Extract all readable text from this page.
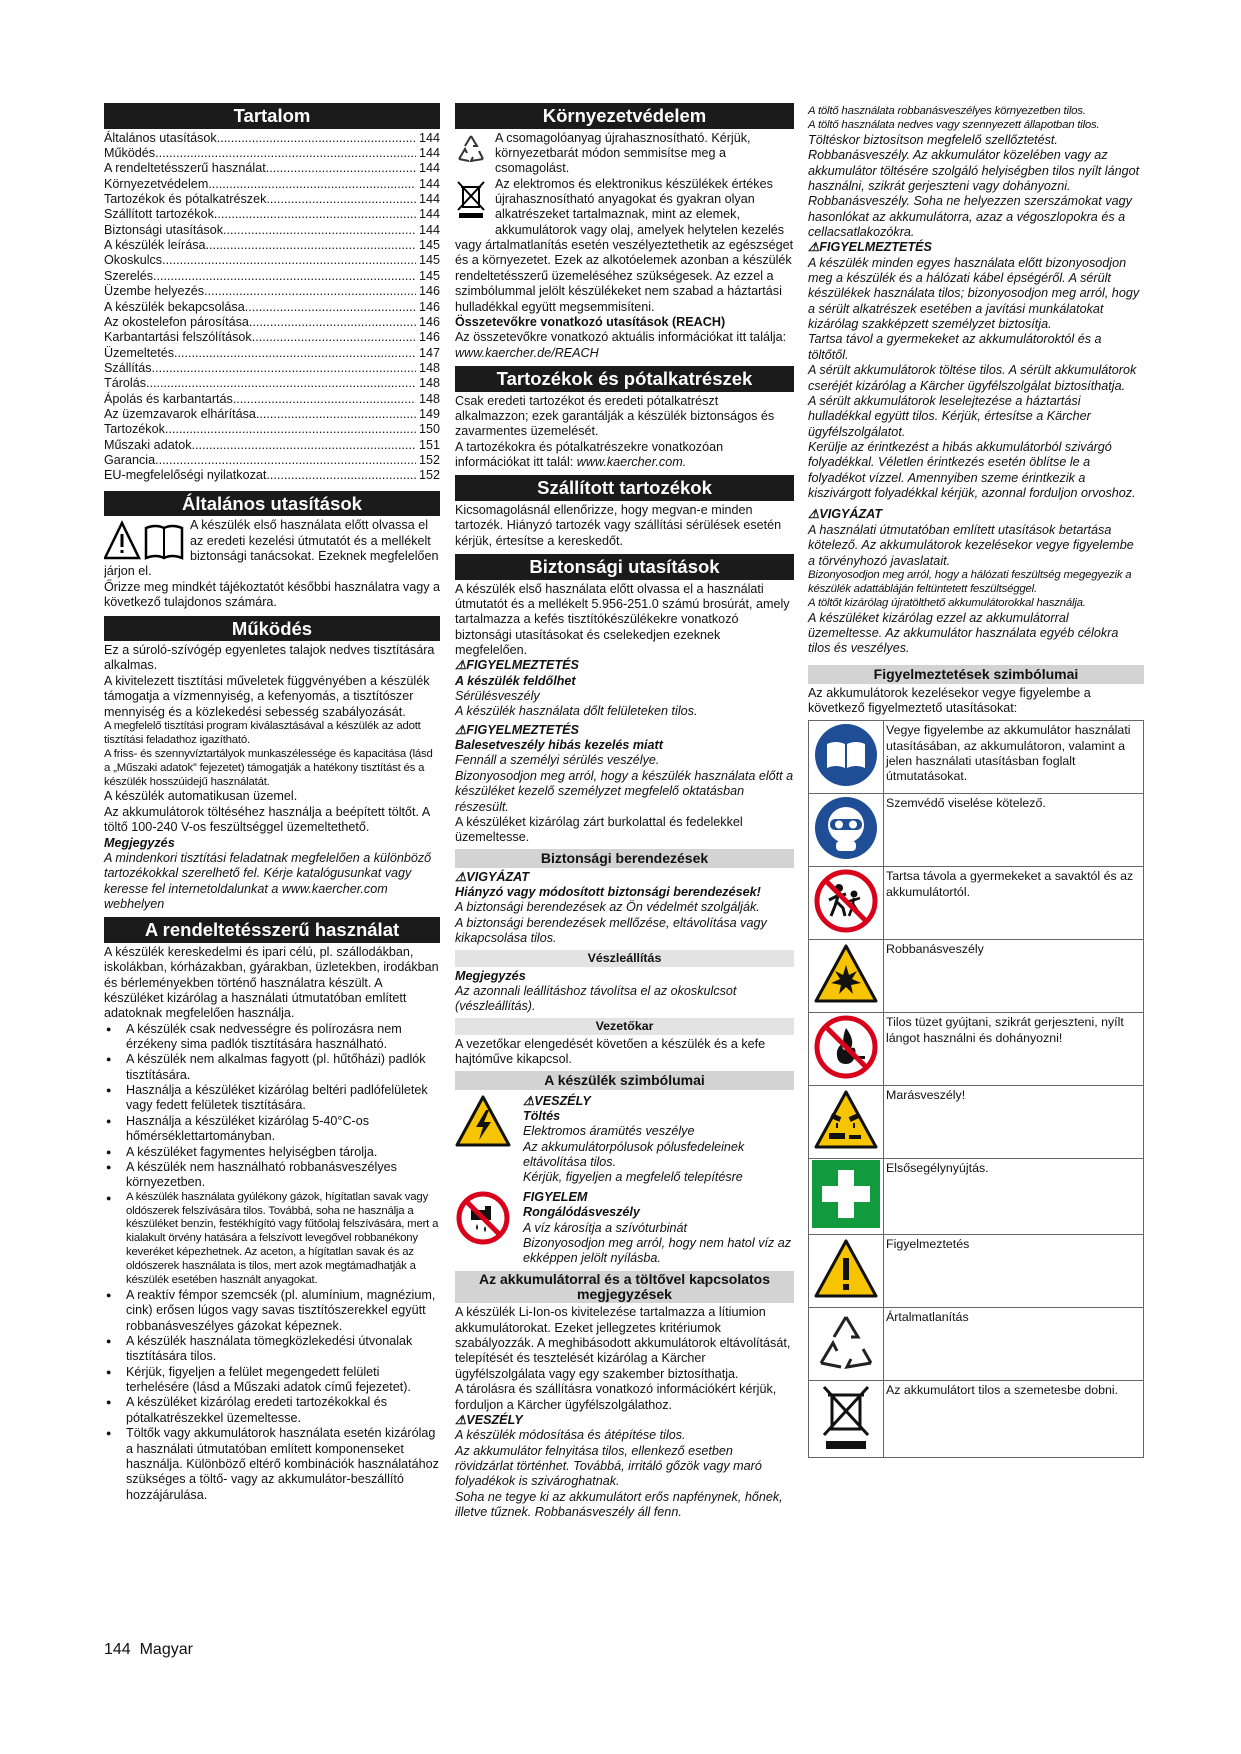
Tartalom
Általános utasítások .....	144
Működés .....	144
A rendeltetésszerű használat .....	144
Környezetvédelem .....	144
Tartozékok és pótalkatrészek .....	144
Szállított tartozékok .....	144
Biztonsági utasítások .....	144
A készülék leírása .....	145
Okoskulcs .....	145
Szerelés .....	145
Üzembe helyezés .....	146
A készülék bekapcsolása .....	146
Az okostelefon párosítása .....	146
Karbantartási felszólítások .....	146
Üzemeltetés .....	147
Szállítás .....	148
Tárolás .....	148
Ápolás és karbantartás .....	148
Az üzemzavarok elhárítása .....	149
Tartozékok .....	150
Műszaki adatok .....	151
Garancia .....	152
EU-megfelelőségi nyilatkozat .....	152
Általános utasítások

A készülék első használata előtt olvassa el az eredeti kezelési útmutatót és a mellékelt biztonsági tanácsokat. Ezeknek megfelelően járjon el.

Őrizze meg mindkét tájékoztatót későbbi használatra vagy a következő tulajdonos számára.

Működés

Ez a súroló-szívógép egyenletes talajok nedves tisztítására alkalmas.

A kivitelezett tisztítási műveletek függvényében a készülék támogatja a vízmennyiség, a kefenyomás, a tisztítószer mennyiség és a közlekedési sebesség szabályozását.

A megfelelő tisztítási program kiválasztásával a készülék az adott tisztítási feladathoz igazítható.

A friss- és szennyvíztartályok munkaszélessége és kapacitása (lásd a „Műszaki adatok” fejezetet) támogatják a hatékony tisztítást és a készülék hosszúidejű használatát.

A készülék automatikusan üzemel.

Az akkumulátorok töltéséhez használja a beépített töltőt. A töltő 100-240 V-os feszültséggel üzemeltethető.

Megjegyzés

A mindenkori tisztítási feladatnak megfelelően a különböző tartozékokkal szerelhető fel. Kérje katalógusunkat vagy keresse fel internetoldalunkat a www.kaercher.com webhelyen

A rendeltetésszerű használat

A készülék kereskedelmi és ipari célú, pl. szállodákban, iskolákban, kórházakban, gyárakban, üzletekben, irodákban és bérleményekben történő használatra készült. A készüléket kizárólag a használati útmutatóban említett adatoknak megfelelően használja.

● A készülék csak nedvességre és polírozásra nem érzékeny sima padlók tisztítására használható.
● A készülék nem alkalmas fagyott (pl. hűtőházi) padlók tisztítására.
● Használja a készüléket kizárólag beltéri padlófelületek vagy fedett felületek tisztítására.
● Használja a készüléket kizárólag 5-40°C-os hőmérséklettartományban.
● A készüléket fagymentes helyiségben tárolja.
● A készülék nem használható robbanásveszélyes környezetben.
● A készülék használata gyúlékony gázok, hígítatlan savak vagy oldószerek felszívására tilos. Továbbá, soha ne használja a készüléket benzin, festékhígító vagy fűtőolaj felszívására, mert a kialakult örvény hatására a felszívott levegővel robbanékony keveréket képezhetnek. Az aceton, a hígítatlan savak és az oldószerek használata is tilos, mert azok megtámadhatják a készülék esetében használt anyagokat.
● A reaktív fémpor szemcsék (pl. alumínium, magnézium, cink) erősen lúgos vagy savas tisztítószerekkel együtt robbanásveszélyes gázokat képeznek.
● A készülék használata tömegközlekedési útvonalak tisztítására tilos.
● Kérjük, figyeljen a felület megengedett felületi terhelésére (lásd a Műszaki adatok című fejezetet).
● A készüléket kizárólag eredeti tartozékokkal és pótalkatrészekkel üzemeltesse.
● Töltők vagy akkumulátorok használata esetén kizárólag a használati útmutatóban említett komponenseket használja. Különböző eltérő kombinációk használatához szükséges a töltő- vagy az akkumulátor-beszállító hozzájárulása.
Környezetvédelem

A csomagolóanyag újrahasznosítható. Kérjük, környezetbarát módon semmisítse meg a csomagolást.

Az elektromos és elektronikus készülékek értékes újrahasznosítható anyagokat és gyakran olyan alkatrészeket tartalmaznak, mint az elemek, akkumulátorok vagy olaj, amelyek helytelen kezelés vagy ártalmatlanítás esetén veszélyeztethetik az egészséget és a környezetet. Ezek az alkotóelemek azonban a készülék rendeltetésszerű üzemeléséhez szükségesek. Az ezzel a szimbólummal jelölt készülékeket nem szabad a háztartási hulladékkal együtt megsemmisíteni.

Összetevőkre vonatkozó utasítások (REACH)

Az összetevőkre vonatkozó aktuális információkat itt találja: www.kaercher.de/REACH

Tartozékok és pótalkatrészek

Csak eredeti tartozékot és eredeti pótalkatrészt alkalmazzon; ezek garantálják a készülék biztonságos és zavarmentes üzemelését.

A tartozékokra és pótalkatrészekre vonatkozóan információkat itt talál: www.kaercher.com.

Szállított tartozékok

Kicsomagolásnál ellenőrizze, hogy megvan-e minden tartozék. Hiányzó tartozék vagy szállítási sérülések esetén kérjük, értesítse a kereskedőt.

Biztonsági utasítások

A készülék első használata előtt olvassa el a használati útmutatót és a mellékelt 5.956-251.0 számú brosúrát, amely tartalmazza a kefés tisztítókészülékekre vonatkozó biztonsági utasításokat és cselekedjen ezeknek megfelelően.

⚠FIGYELMEZTETÉS

A készülék feldőlhet

Sérülésveszély

A készülék használata dőlt felületeken tilos.

⚠FIGYELMEZTETÉS

Balesetveszély hibás kezelés miatt

Fennáll a személyi sérülés veszélye.

Bizonyosodjon meg arról, hogy a készülék használata előtt a készüléket kezelő személyzet megfelelő oktatásban részesült.

A készüléket kizárólag zárt burkolattal és fedelekkel üzemeltesse.

Biztonsági berendezések

⚠VIGYÁZAT

Hiányzó vagy módosított biztonsági berendezések!

A biztonsági berendezések az Ön védelmét szolgálják.

A biztonsági berendezések mellőzése, eltávolítása vagy kikapcsolása tilos.

Vészleállítás

Megjegyzés

Az azonnali leállításhoz távolítsa el az okoskulcsot (vészleállítás).

Vezetőkar

A vezetőkar elengedését követően a készülék és a kefe hajtóműve kikapcsol.

A készülék szimbólumai

⚠VESZÉLY

Töltés

Elektromos áramütés veszélye

Az akkumulátorpólusok pólusfedeleinek eltávolítása tilos.

Kérjük, figyeljen a megfelelő telepítésre

FIGYELEM

Rongálódásveszély

A víz károsítja a szívóturbinát

Bizonyosodjon meg arról, hogy nem hatol víz az ekképpen jelölt nyílásba.

Az akkumulátorral és a töltővel kapcsolatos megjegyzések

A készülék Li-Ion-os kivitelezése tartalmazza a lítiumion akkumulátorokat. Ezeket jellegzetes kritériumok szabályozzák. A meghibásodott akkumulátorok eltávolítását, telepítését és tesztelését kizárólag a Kärcher ügyfélszolgálata vagy egy szakember biztosíthatja.

A tárolásra és szállításra vonatkozó információkért kérjük, forduljon a Kärcher ügyfélszolgálathoz.

⚠VESZÉLY

A készülék módosítása és átépítése tilos.

Az akkumulátor felnyitása tilos, ellenkező esetben rövidzárlat történhet. Továbbá, irritáló gőzök vagy maró folyadékok is szivároghatnak.

Soha ne tegye ki az akkumulátort erős napfénynek, hőnek, illetve tűznek. Robbanásveszély áll fenn.

A töltő használata robbanásveszélyes környezetben tilos.

A töltő használata nedves vagy szennyezett állapotban tilos.

Töltéskor biztosítson megfelelő szellőztetést.

Robbanásveszély. Az akkumulátor közelében vagy az akkumulátor töltésére szolgáló helyiségben tilos nyílt lángot használni, szikrát gerjeszteni vagy dohányozni.

Robbanásveszély. Soha ne helyezzen szerszámokat vagy hasonlókat az akkumulátorra, azaz a végoszlopokra és a cellacsatlakozókra.

⚠FIGYELMEZTETÉS

A készülék minden egyes használata előtt bizonyosodjon meg a készülék és a hálózati kábel épségéről. A sérült készülékek használata tilos; bizonyosodjon meg arról, hogy a sérült alkatrészek esetében a javítási munkálatokat kizárólag szakképzett személyzet biztosítja.

Tartsa távol a gyermekeket az akkumulátoroktól és a töltőtől.

A sérült akkumulátorok töltése tilos. A sérült akkumulátorok cseréjét kizárólag a Kärcher ügyfélszolgálat biztosíthatja.

A sérült akkumulátorok leselejtezése a háztartási hulladékkal együtt tilos. Kérjük, értesítse a Kärcher ügyfélszolgálatot.

Kerülje az érintkezést a hibás akkumulátorból szivárgó folyadékkal. Véletlen érintkezés esetén öblítse le a folyadékot vízzel. Amennyiben szeme érintkezik a kiszivárgott folyadékkal kérjük, azonnal forduljon orvoshoz.

⚠VIGYÁZAT

A használati útmutatóban említett utasítások betartása kötelező. Az akkumulátorok kezelésekor vegye figyelembe a törvényhozó javaslatait.

Bizonyosodjon meg arról, hogy a hálózati feszültség megegyezik a készülék adattábláján feltüntetett feszültséggel.

A töltőt kizárólag újratölthető akkumulátorokkal használja.

A készüléket kizárólag ezzel az akkumulátorral üzemeltesse. Az akkumulátor használata egyéb célokra tilos és veszélyes.

Figyelmeztetések szimbólumai

Az akkumulátorok kezelésekor vegye figyelembe a következő figyelmeztető utasításokat:

	Vegye figyelembe az akkumulátor használati utasításában, az akkumulátoron, valamint a jelen használati utasításban foglalt útmutatásokat.
	Szemvédő viselése kötelező.
	Tartsa távola a gyermekeket a savaktól és az akkumulátortól.
	Robbanásveszély
	Tilos tüzet gyújtani, szikrát gerjeszteni, nyílt lángot használni és dohányozni!
	Marásveszély!
	Elsősegélynyújtás.
	Figyelmeztetés
	Ártalmatlanítás
	Az akkumulátort tilos a szemetesbe dobni.
144 Magyar
